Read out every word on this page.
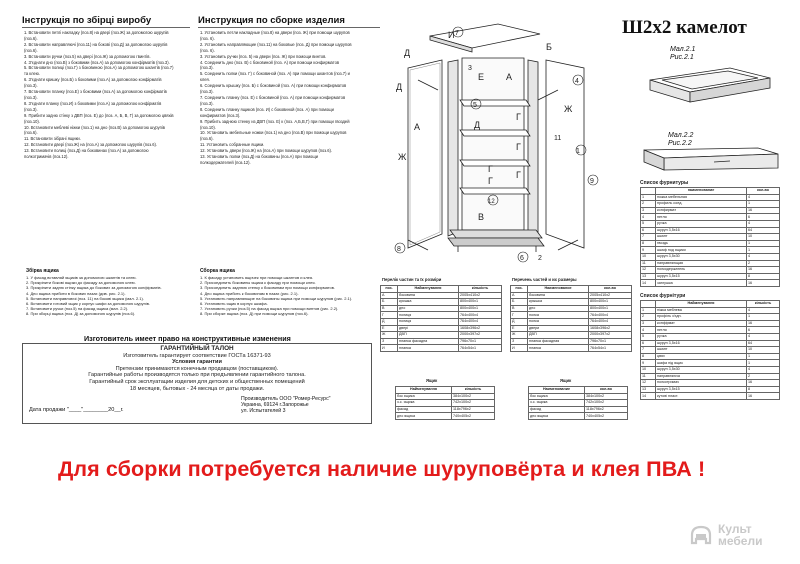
Інструкція по збірці виробу
1. Встановити петлі накладку (поз.8) на двері (поз.Ж) за допомогою шурупів (поз.6).
2. Встановити направляючі (поз.11) на бокові (поз.Д) за допомогою шурупів (поз.6).
3. Встановити ручки (поз.5) на двері (поз.Ж) за допомогою гвинтів.
4. З'єднати дно (поз.В) з боковими (поз.А) за допомогою конфірматів (поз.3).
5. Встановити полиці (поз.Г) з боковиною (поз.А) за допомогою шкантів (поз.7) та клею.
6. З'єднати кришку (поз.Б) з боковими (поз.А) за допомогою конфірматів (поз.3).
7. Встановити планку (поз.Е) з боковими (поз.А) за допомогою конфірматів (поз.3).
8. З'єднати планку (поз.И) з боковими (поз.А) за допомогою конфірматів (поз.3).
9. Прибити задню стінку з ДВП (поз. Е) до (поз. А, Б, В, Г) за допомогою цвяхів (поз.10).
10. Встановити меблеві ніжки (поз.1) на дно (поз.В) за допомогою шурупів (поз.6).
11. Встановити зібрані ящики.
12. Встановити двері (поз.Ж) на (поз.А) за допомогою шурупів (поз.6).
13. Встановити полиці (поз.Д) на боковинах (поз.А) за допомогою полкотримачів (поз.12).
Инструкция по сборке изделия
1. Установить петли накладные (поз.8) на двери (поз. Ж) при помощи шурупов (поз. 6).
2. Установить направляющие (поз.11) на боковые (поз. Д) при помощи шурупов (поз. 6).
3. Установить ручки (поз. 5) на двери (поз. Ж) при помощи винтов.
4. Соединить дно (поз. В) с боковиной (поз. А) при помощи конфирматов (поз.3).
5. Соединить полки (поз. Г) с боковиной (поз. А) при помощи шкантов (поз.7) и клея.
6. Соединить крышку (поз. Б) с боковиной (поз. А) при помощи конфирматов (поз.3).
7. Соединить планку (поз. Е) с боковиной (поз. А) при помощи конфирматов (поз.3).
8. Соединить планку ящиков (поз. И) с боковиной (поз. А) при помощи конфирматов (поз.3).
9. Прибить заднюю стенку из ДВП (поз. Е) к (поз. А,Б,В,Г) при помощи гвоздей (поз.10).
10. Установить мебельные ножки (поз.1) на дно (поз.В) при помощи шурупов (поз.6).
11. Установить собранные ящики.
12. Установить двери (поз.Ж) на (поз.А) при помощи шурупов (поз.6).
13. Установить полки (поз.Д) на боковины (поз.А) при помощи полкодержателей (поз.12).
Д
И
Е А
Б
Д
Ж
А	Д
Г
Г
Г
Г
Г
В
Ж
4
8
6
7
5
12
3
1
9
11
2
Ш2х2 камелот
Мал.2.1
Рис.2.1
Мал.2.2
Рис.2.2
Список фурнитуры
	наименование	кол-во
1	ножка мебельная	4
2	профиль соед.	1
3	конфирмат	16
4	петля	6
5	ручка	4
6	шуруп 3,5х16	64
7	шкант	10
8	гвоздь	1
9	шкаф под ящики	1
10	шуруп 3,5х30	4
11	направляющая	2
12	полкодержатель	16
13	шуруп 3,5х15	8
14	заглушка	16
Список фурнітури
	Найменування	кількість
1	ніжка меблева	4
2	профіль з'єдн.	1
3	конфірмат	16
4	петля	6
5	ручка	4
6	шуруп 3,5х16	64
7	шкант	10
8	цвях	1
9	шафа під ящик	1
10	шуруп 3,5х30	4
11	направляюча	2
12	полкотримач	16
13	шуруп 3,5х15	8
14	кутові пласт.	16
Збірка ящика
1. У фасад вставляй ящиків за допомогою шкантів та клею.
2. Прикріпити бокові ящики до фасаду за допомогою клею.
3. Прикріпити задню стінку ящика до бокових за допомогою конфірматів.
4. Дно ящика прибити в бокових пазах (див. рис. 2.1).
5. Встановити направляючі (поз. 11) на бокові ящика (мал. 2.1).
6. Встановити готовий ящик у корпус шафи за допомогою шурупів.
7. Встановити ручки (поз.5) на фасад ящика (мал. 2.2).
8. При зборці ящика (поз. Д) за допомогою шурупів (поз.6).
Сборка ящика
1. К фасаду установить ящичек при помощи шкантов и клея.
2. Присоединить боковины ящика к фасаду при помощи клея.
3. Присоединить заднюю стенку к боковинам при помощи конфирматов.
4. Дно ящика прибить к боковинам в пазах (рис. 2.1).
5. Установить направляющие на боковины ящика при помощи шурупов (рис. 2.1).
6. Установить ящик в корпус шкафа.
7. Установить ручки (поз.5) на фасад ящика при помощи винтов (рис. 2.2).
8. При сборке ящика (поз. Д) при помощи шурупов (поз.6).
Перелік частин та їх розміри
поз.	Найменування	кількість
А	боковина	2005х410х2
Б	кришка	800х400х1
В	дно	800х400х1
Г	полиця	764х400х4
Д	полиця	764х400х4
Е	двері	1608х396х2
Ж	ДВП	2000х397х2
З	планка фасадна	796х70х1
И	планка	764х54х1
Перечень частей и их размеры
поз.	Наименование	кол-во
А	боковина	2005х410х2
Б	крышка	800х400х1
В	дно	800х400х1
Г	полка	764х400х4
Д	полка	764х400х4
Е	двери	1608х396х2
Ж	ДВП	2000х397х2
З	планка фасадная	796х70х1
И	планка	764х54х1
Ящик
Найменування	кількість
бок ящика	384х100х2
з.с. ящика	742х100х2
фасад	118х796х2
дно ящика	740х405х2
Ящик
Наименование	кол-во
бок ящика	384х100х2
з.с. ящика	742х100х2
фасад	118х796х2
дно ящика	740х405х2
Изготовитель имеет право на конструктивные изменения
ГАРАНТИЙНЫЙ ТАЛОН
Изготовитель гарантирует соответствие ГОСТа 16371-93
Условия гарантии
Претензии принимаются конечным продавцом (поставщиком).
Гарантийные работы производятся только при предъявлении гарантийного талона.
Гарантийный срок эксплуатации изделия для детских и общественных помещений
18 месяцев, бытовых - 24 месяца от даты продажи.
Дата продажи "____"________20__г.
Производитель ООО "Ромер-Ресурс"
Украина, 69124 г.Запорожье
ул. Испытателей 3
Для сборки потребуется наличие шуруповёрта и клея ПВА !
Культ
мебели
